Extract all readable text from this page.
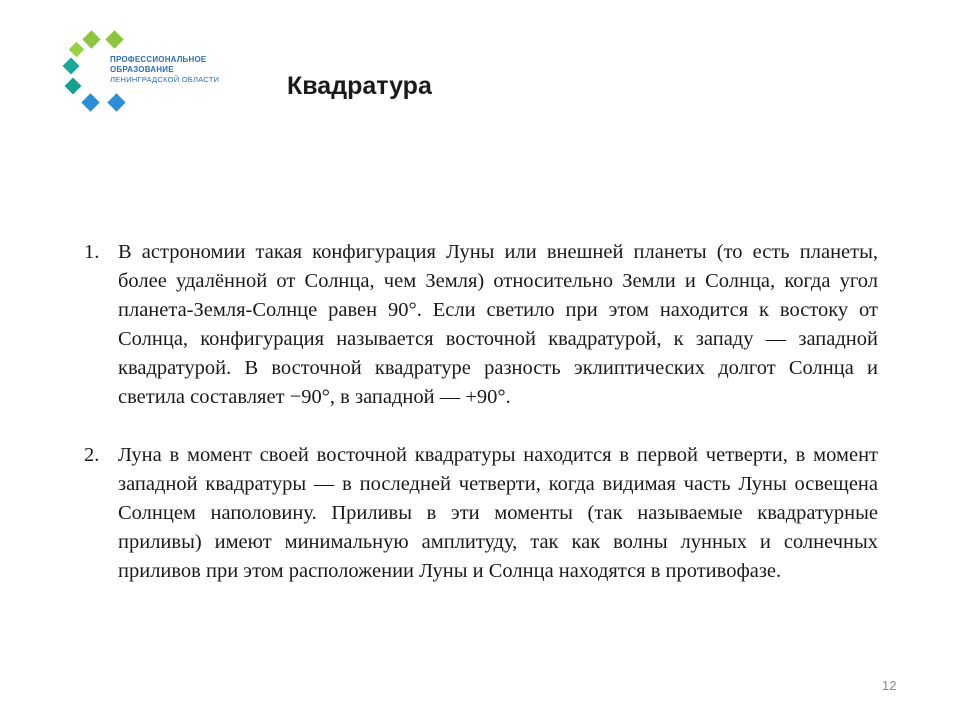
ПРОФЕССИОНАЛЬНОЕ
ОБРАЗОВАНИЕ
ЛЕНИНГРАДСКОЙ ОБЛАСТИ	Квадратура
1. В астрономии такая конфигурация Луны или внешней планеты (то есть планеты, более удалённой от Солнца, чем Земля) относительно Земли и Солнца, когда угол планета-Земля-Солнце равен 90°. Если светило при этом находится к востоку от Солнца, конфигурация называется восточной квадратурой, к западу — западной квадратурой. В восточной квадратуре разность эклиптических долгот Солнца и светила составляет −90°, в западной — +90°.
2. Луна в момент своей восточной квадратуры находится в первой четверти, в момент западной квадратуры — в последней четверти, когда видимая часть Луны освещена Солнцем наполовину. Приливы в эти моменты (так называемые квадратурные приливы) имеют минимальную амплитуду, так как волны лунных и солнечных приливов при этом расположении Луны и Солнца находятся в противофазе.
12
